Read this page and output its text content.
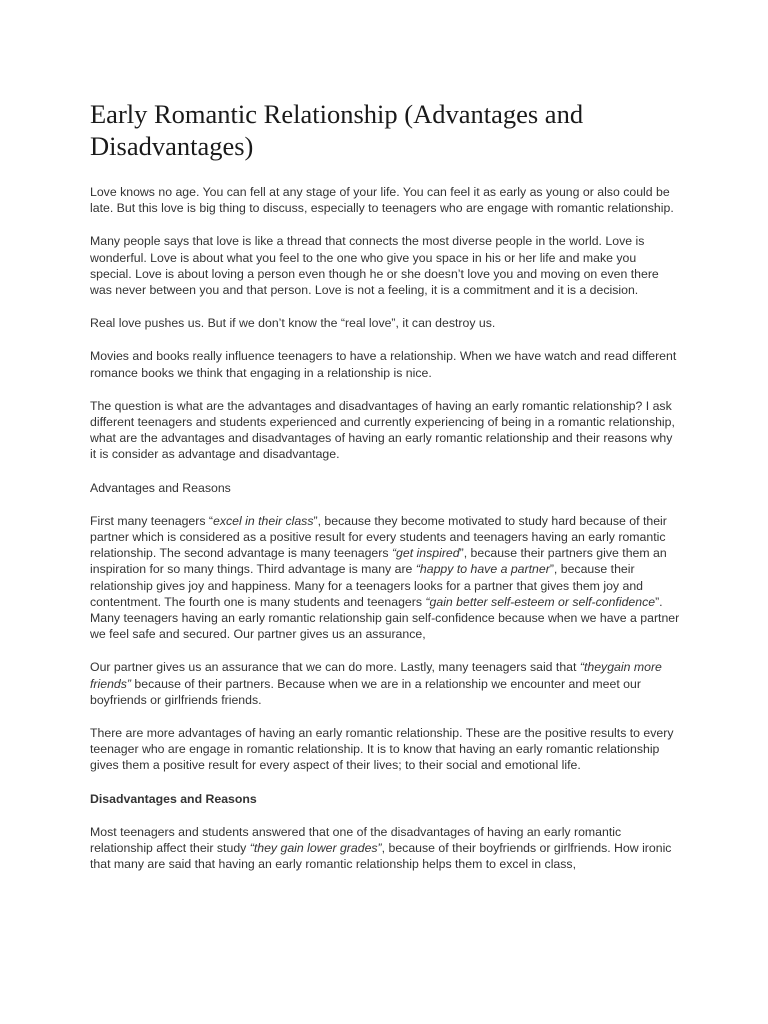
Early Romantic Relationship (Advantages and Disadvantages)

Love knows no age. You can fell at any stage of your life. You can feel it as early as young or also could be late. But this love is big thing to discuss, especially to teenagers who are engage with romantic relationship.

Many people says that love is like a thread that connects the most diverse people in the world. Love is wonderful. Love is about what you feel to the one who give you space in his or her life and make you special. Love is about loving a person even though he or she doesn’t love you and moving on even there was never between you and that person. Love is not a feeling, it is a commitment and it is a decision.

Real love pushes us. But if we don’t know the “real love”, it can destroy us.

Movies and books really influence teenagers to have a relationship. When we have watch and read different romance books we think that engaging in a relationship is nice.

The question is what are the advantages and disadvantages of having an early romantic relationship? I ask different teenagers and students experienced and currently experiencing of being in a romantic relationship, what are the advantages and disadvantages of having an early romantic relationship and their reasons why it is consider as advantage and disadvantage.

Advantages and Reasons

First many teenagers “excel in their class”, because they become motivated to study hard because of their partner which is considered as a positive result for every students and teenagers having an early romantic relationship. The second advantage is many teenagers “get inspired”, because their partners give them an inspiration for so many things. Third advantage is many are “happy to have a partner”, because their relationship gives joy and happiness. Many for a teenagers looks for a partner that gives them joy and contentment. The fourth one is many students and teenagers “gain better self-esteem or self-confidence”. Many teenagers having an early romantic relationship gain self-confidence because when we have a partner we feel safe and secured. Our partner gives us an assurance,

Our partner gives us an assurance that we can do more. Lastly, many teenagers said that “theygain more friends” because of their partners. Because when we are in a relationship we encounter and meet our boyfriends or girlfriends friends.

There are more advantages of having an early romantic relationship. These are the positive results to every teenager who are engage in romantic relationship. It is to know that having an early romantic relationship gives them a positive result for every aspect of their lives; to their social and emotional life.

Disadvantages and Reasons

Most teenagers and students answered that one of the disadvantages of having an early romantic relationship affect their study “they gain lower grades”, because of their boyfriends or girlfriends. How ironic that many are said that having an early romantic relationship helps them to excel in class,
